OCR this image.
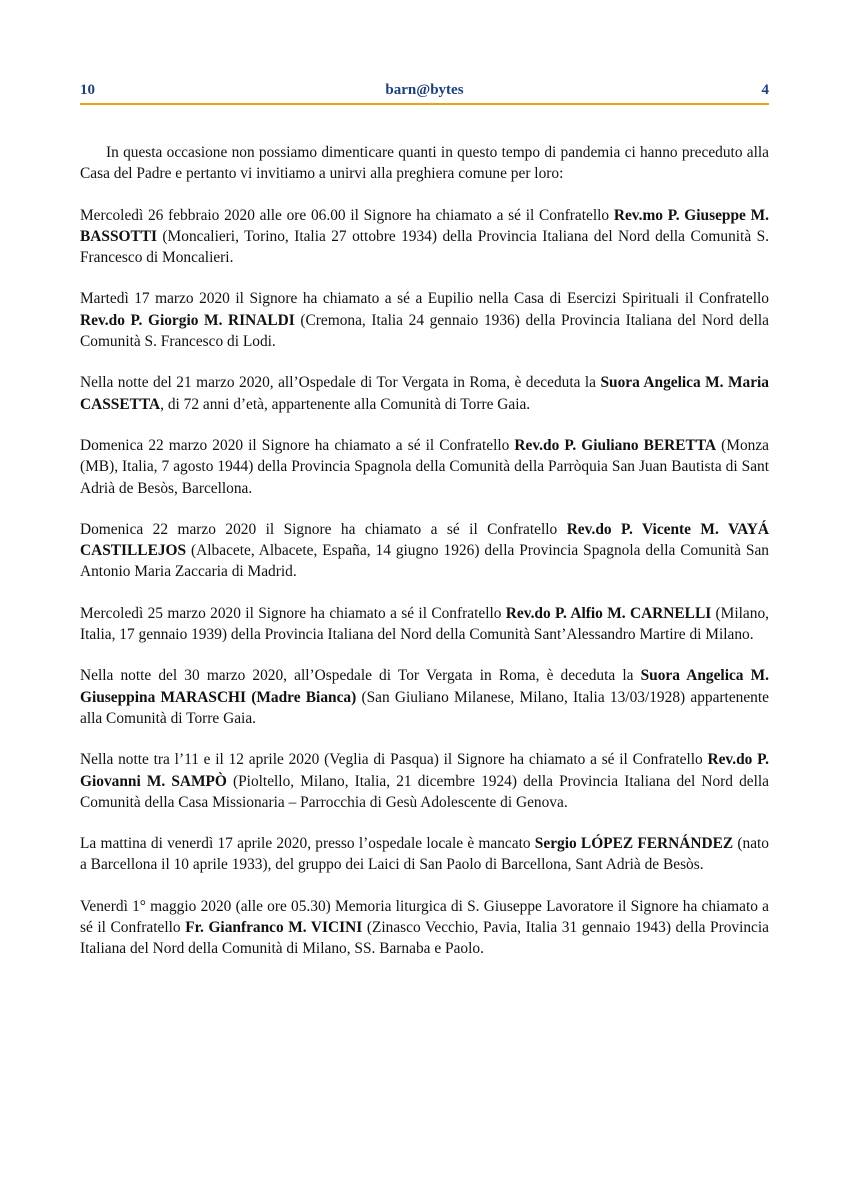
10	barn@bytes	4

In questa occasione non possiamo dimenticare quanti in questo tempo di pandemia ci hanno preceduto alla Casa del Padre e pertanto vi invitiamo a unirvi alla preghiera comune per loro:

Mercoledì 26 febbraio 2020 alle ore 06.00 il Signore ha chiamato a sé il Confratello Rev.mo P. Giuseppe M. BASSOTTI (Moncalieri, Torino, Italia 27 ottobre 1934) della Provincia Italiana del Nord della Comunità S. Francesco di Moncalieri.

Martedì 17 marzo 2020 il Signore ha chiamato a sé a Eupilio nella Casa di Esercizi Spirituali il Confratello Rev.do P. Giorgio M. RINALDI (Cremona, Italia 24 gennaio 1936) della Provincia Italiana del Nord della Comunità S. Francesco di Lodi.

Nella notte del 21 marzo 2020, all’Ospedale di Tor Vergata in Roma, è deceduta la Suora Angelica M. Maria CASSETTA, di 72 anni d’età, appartenente alla Comunità di Torre Gaia.

Domenica 22 marzo 2020 il Signore ha chiamato a sé il Confratello Rev.do P. Giuliano BERETTA (Monza (MB), Italia, 7 agosto 1944) della Provincia Spagnola della Comunità della Parròquia San Juan Bautista di Sant Adrià de Besòs, Barcellona.

Domenica 22 marzo 2020 il Signore ha chiamato a sé il Confratello Rev.do P. Vicente M. VAYÁ CASTILLEJOS (Albacete, Albacete, España, 14 giugno 1926) della Provincia Spagnola della Comunità San Antonio Maria Zaccaria di Madrid.

Mercoledì 25 marzo 2020 il Signore ha chiamato a sé il Confratello Rev.do P. Alfio M. CARNELLI (Milano, Italia, 17 gennaio 1939) della Provincia Italiana del Nord della Comunità Sant’Alessandro Martire di Milano.

Nella notte del 30 marzo 2020, all’Ospedale di Tor Vergata in Roma, è deceduta la Suora Angelica M. Giuseppina MARASCHI (Madre Bianca) (San Giuliano Milanese, Milano, Italia 13/03/1928) appartenente alla Comunità di Torre Gaia.

Nella notte tra l’11 e il 12 aprile 2020 (Veglia di Pasqua) il Signore ha chiamato a sé il Confratello Rev.do P. Giovanni M. SAMPÒ (Pioltello, Milano, Italia, 21 dicembre 1924) della Provincia Italiana del Nord della Comunità della Casa Missionaria – Parrocchia di Gesù Adolescente di Genova.

La mattina di venerdì 17 aprile 2020, presso l’ospedale locale è mancato Sergio LÓPEZ FERNÁNDEZ (nato a Barcellona il 10 aprile 1933), del gruppo dei Laici di San Paolo di Barcellona, Sant Adrià de Besòs.

Venerdì 1° maggio 2020 (alle ore 05.30) Memoria liturgica di S. Giuseppe Lavoratore il Signore ha chiamato a sé il Confratello Fr. Gianfranco M. VICINI (Zinasco Vecchio, Pavia, Italia 31 gennaio 1943) della Provincia Italiana del Nord della Comunità di Milano, SS. Barnaba e Paolo.
